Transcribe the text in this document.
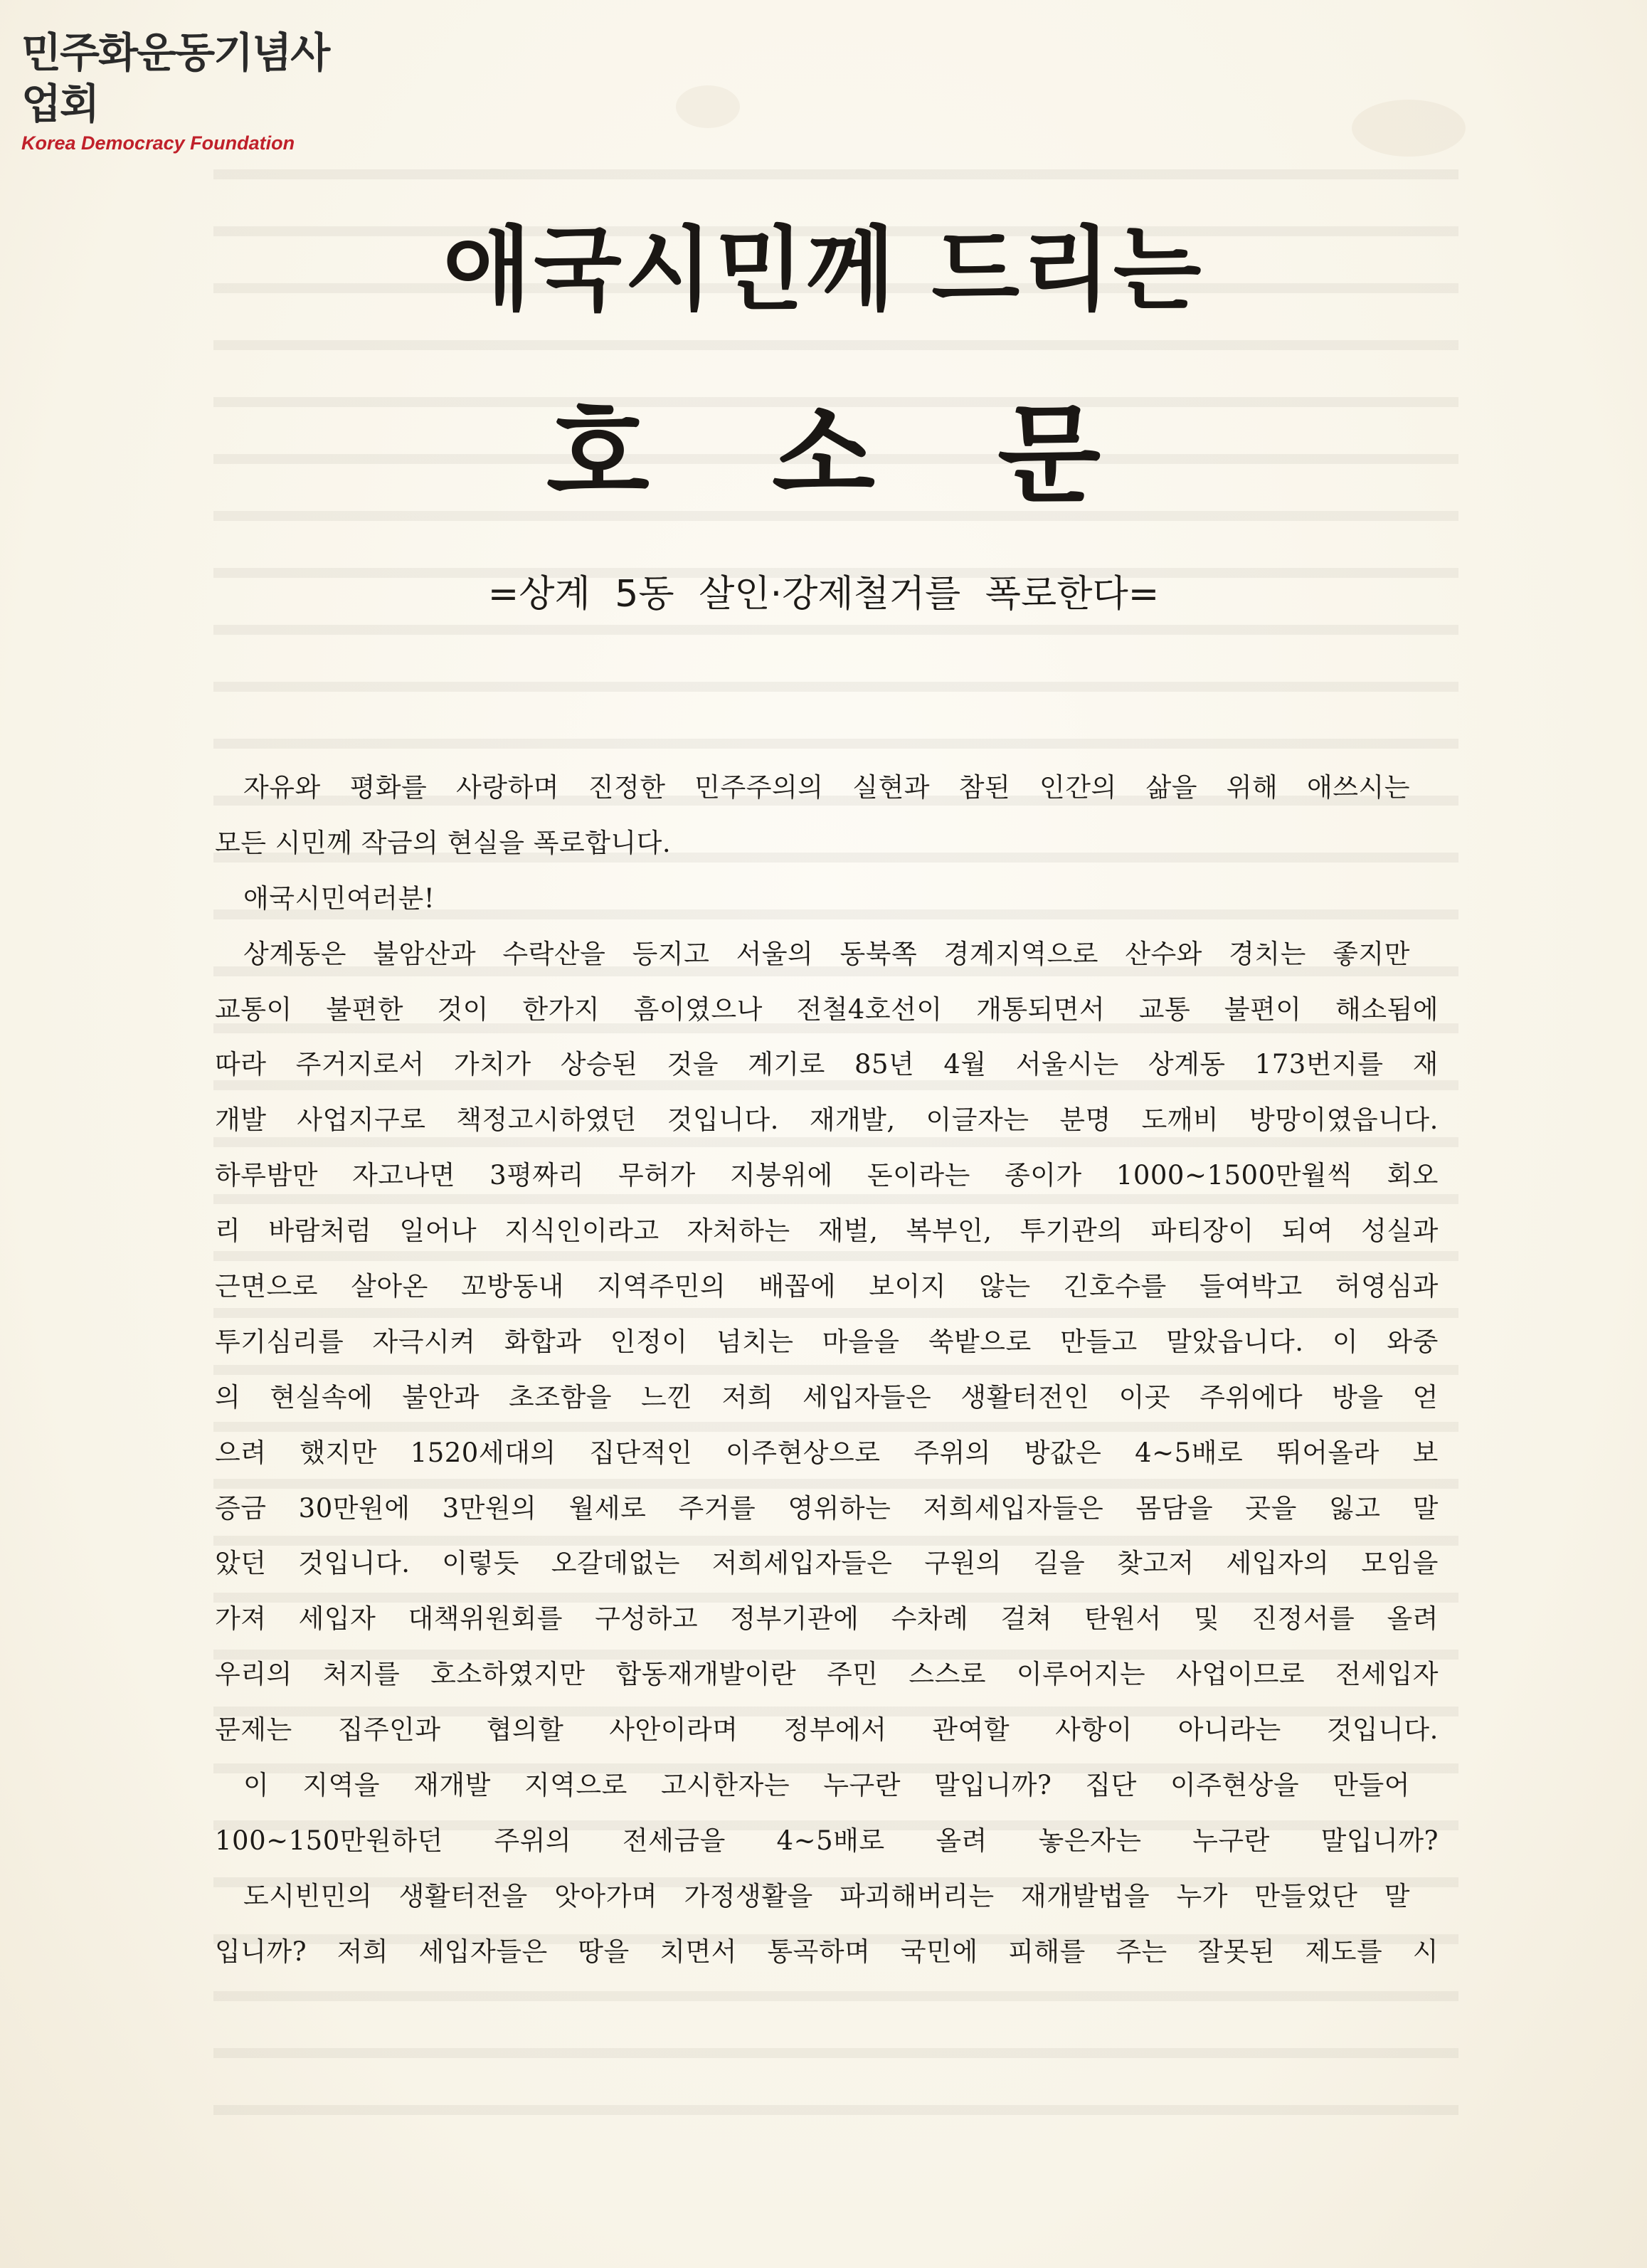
민주화운동기념사업회
Korea Democracy Foundation
애국시민께 드리는
호 소 문
=상계 5동 살인·강제철거를 폭로한다=
자유와 평화를 사랑하며 진정한 민주주의의 실현과 참된 인간의 삶을 위해 애쓰시는
모든 시민께 작금의 현실을 폭로합니다.
애국시민여러분!
상계동은 불암산과 수락산을 등지고 서울의 동북쪽 경계지역으로 산수와 경치는 좋지만
교통이 불편한 것이 한가지 흠이였으나 전철4호선이 개통되면서 교통 불편이 해소됨에
따라 주거지로서 가치가 상승된 것을 계기로 85년 4월 서울시는 상계동 173번지를 재
개발 사업지구로 책정고시하였던 것입니다. 재개발, 이글자는 분명 도깨비 방망이였읍니다.
하루밤만 자고나면 3평짜리 무허가 지붕위에 돈이라는 종이가 1000~1500만월씩 회오
리 바람처럼 일어나 지식인이라고 자처하는 재벌, 복부인, 투기관의 파티장이 되여 성실과
근면으로 살아온 꼬방동내 지역주민의 배꼽에 보이지 않는 긴호수를 들여박고 허영심과
투기심리를 자극시켜 화합과 인정이 넘치는 마을을 쑥밭으로 만들고 말았읍니다. 이 와중
의 현실속에 불안과 초조함을 느낀 저희 세입자들은 생활터전인 이곳 주위에다 방을 얻
으려 했지만 1520세대의 집단적인 이주현상으로 주위의 방값은 4~5배로 뛰어올라 보
증금 30만원에 3만원의 월세로 주거를 영위하는 저희세입자들은 몸담을 곳을 잃고 말
았던 것입니다. 이렇듯 오갈데없는 저희세입자들은 구원의 길을 찾고저 세입자의 모임을
가져 세입자 대책위원회를 구성하고 정부기관에 수차례 걸쳐 탄원서 및 진정서를 올려
우리의 처지를 호소하였지만 합동재개발이란 주민 스스로 이루어지는 사업이므로 전세입자
문제는 집주인과 협의할 사안이라며 정부에서 관여할 사항이 아니라는 것입니다.
이 지역을 재개발 지역으로 고시한자는 누구란 말입니까? 집단 이주현상을 만들어
100~150만원하던 주위의 전세금을 4~5배로 올려 놓은자는 누구란 말입니까?
도시빈민의 생활터전을 앗아가며 가정생활을 파괴해버리는 재개발법을 누가 만들었단 말
입니까? 저희 세입자들은 땅을 치면서 통곡하며 국민에 피해를 주는 잘못된 제도를 시
